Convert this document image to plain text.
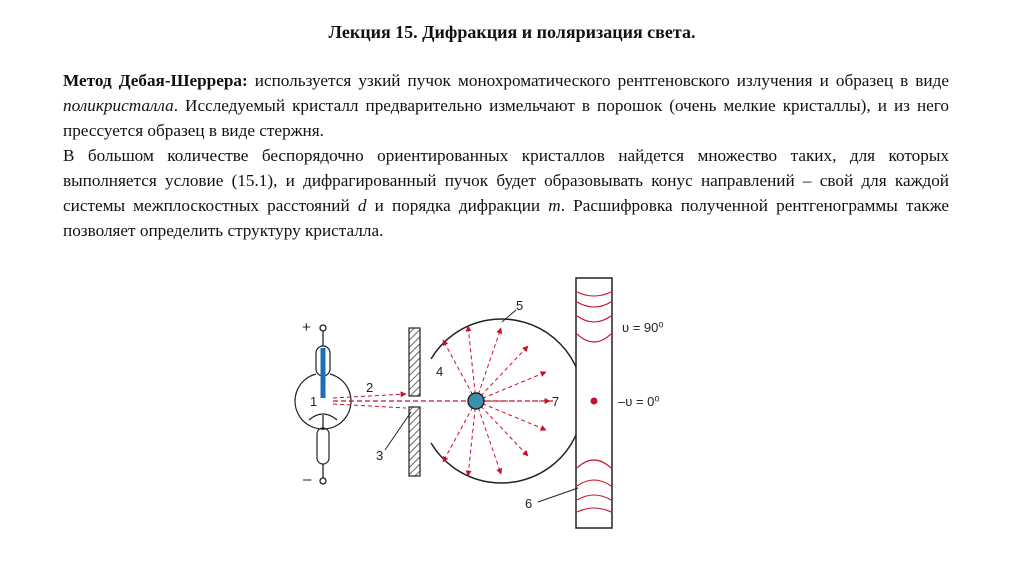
Лекция 15. Дифракция и поляризация света.

Метод Дебая-Шеррера: используется узкий пучок монохроматического рентгеновского излучения и образец в виде поликристалла. Исследуемый кристалл предварительно измельчают в порошок (очень мелкие кристаллы), и из него прессуется образец в виде стержня.

В большом количестве беспорядочно ориентированных кристаллов найдется множество таких, для которых выполняется условие (15.1), и дифрагированный пучок будет образовывать конус направлений – свой для каждой системы межплоскостных расстояний d и порядка дифракции m. Расшифровка полученной рентгенограммы также позволяет определить структуру кристалла.

+
–
1
2
3
4
5
6
7
υ = 90⁰
–υ = 0⁰
